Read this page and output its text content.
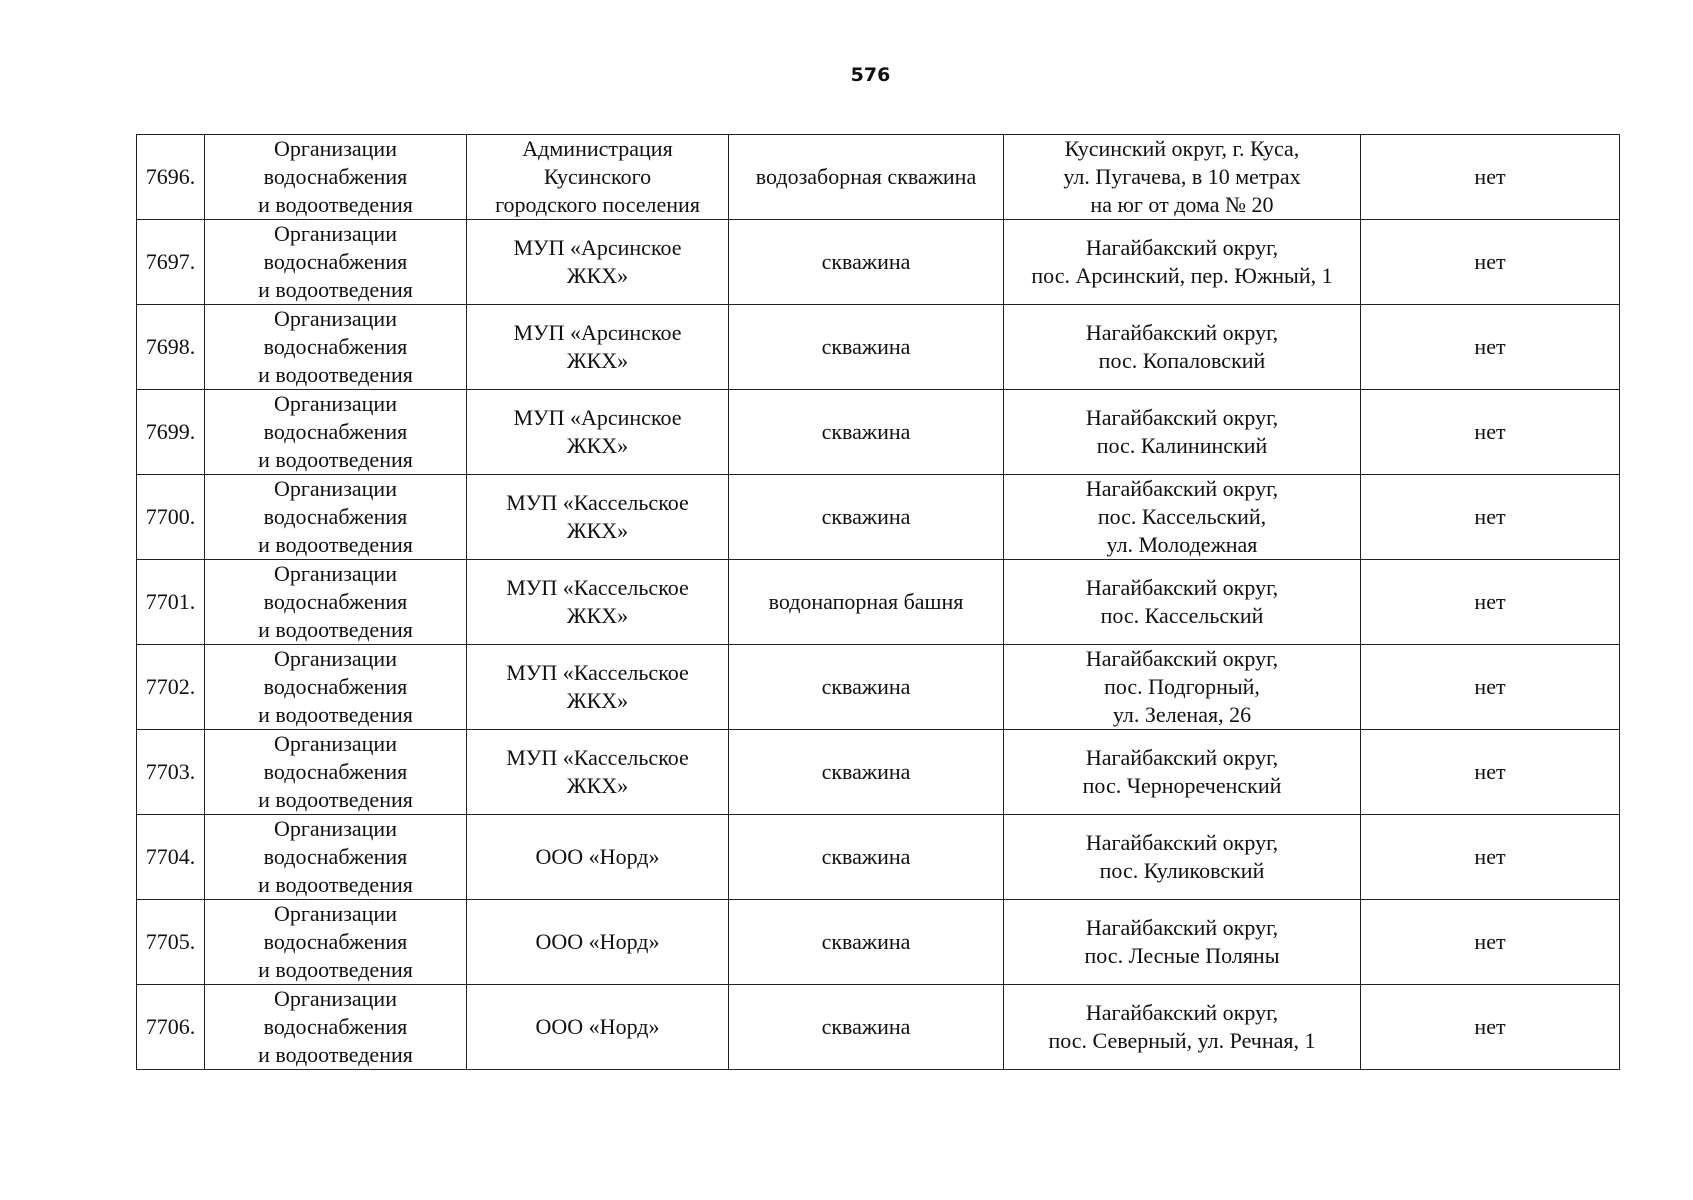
576
7696.	Организации
водоснабжения
и водоотведения	Администрация
Кусинского
городского поселения	водозаборная скважина	Кусинский округ, г. Куса,
ул. Пугачева, в 10 метрах
на юг от дома № 20	нет
7697.	Организации
водоснабжения
и водоотведения	МУП «Арсинское
ЖКХ»	скважина	Нагайбакский округ,
пос. Арсинский, пер. Южный, 1	нет
7698.	Организации
водоснабжения
и водоотведения	МУП «Арсинское
ЖКХ»	скважина	Нагайбакский округ,
пос. Копаловский	нет
7699.	Организации
водоснабжения
и водоотведения	МУП «Арсинское
ЖКХ»	скважина	Нагайбакский округ,
пос. Калининский	нет
7700.	Организации
водоснабжения
и водоотведения	МУП «Кассельское
ЖКХ»	скважина	Нагайбакский округ,
пос. Кассельский,
ул. Молодежная	нет
7701.	Организации
водоснабжения
и водоотведения	МУП «Кассельское
ЖКХ»	водонапорная башня	Нагайбакский округ,
пос. Кассельский	нет
7702.	Организации
водоснабжения
и водоотведения	МУП «Кассельское
ЖКХ»	скважина	Нагайбакский округ,
пос. Подгорный,
ул. Зеленая, 26	нет
7703.	Организации
водоснабжения
и водоотведения	МУП «Кассельское
ЖКХ»	скважина	Нагайбакский округ,
пос. Чернореченский	нет
7704.	Организации
водоснабжения
и водоотведения	ООО «Норд»	скважина	Нагайбакский округ,
пос. Куликовский	нет
7705.	Организации
водоснабжения
и водоотведения	ООО «Норд»	скважина	Нагайбакский округ,
пос. Лесные Поляны	нет
7706.	Организации
водоснабжения
и водоотведения	ООО «Норд»	скважина	Нагайбакский округ,
пос. Северный, ул. Речная, 1	нет
